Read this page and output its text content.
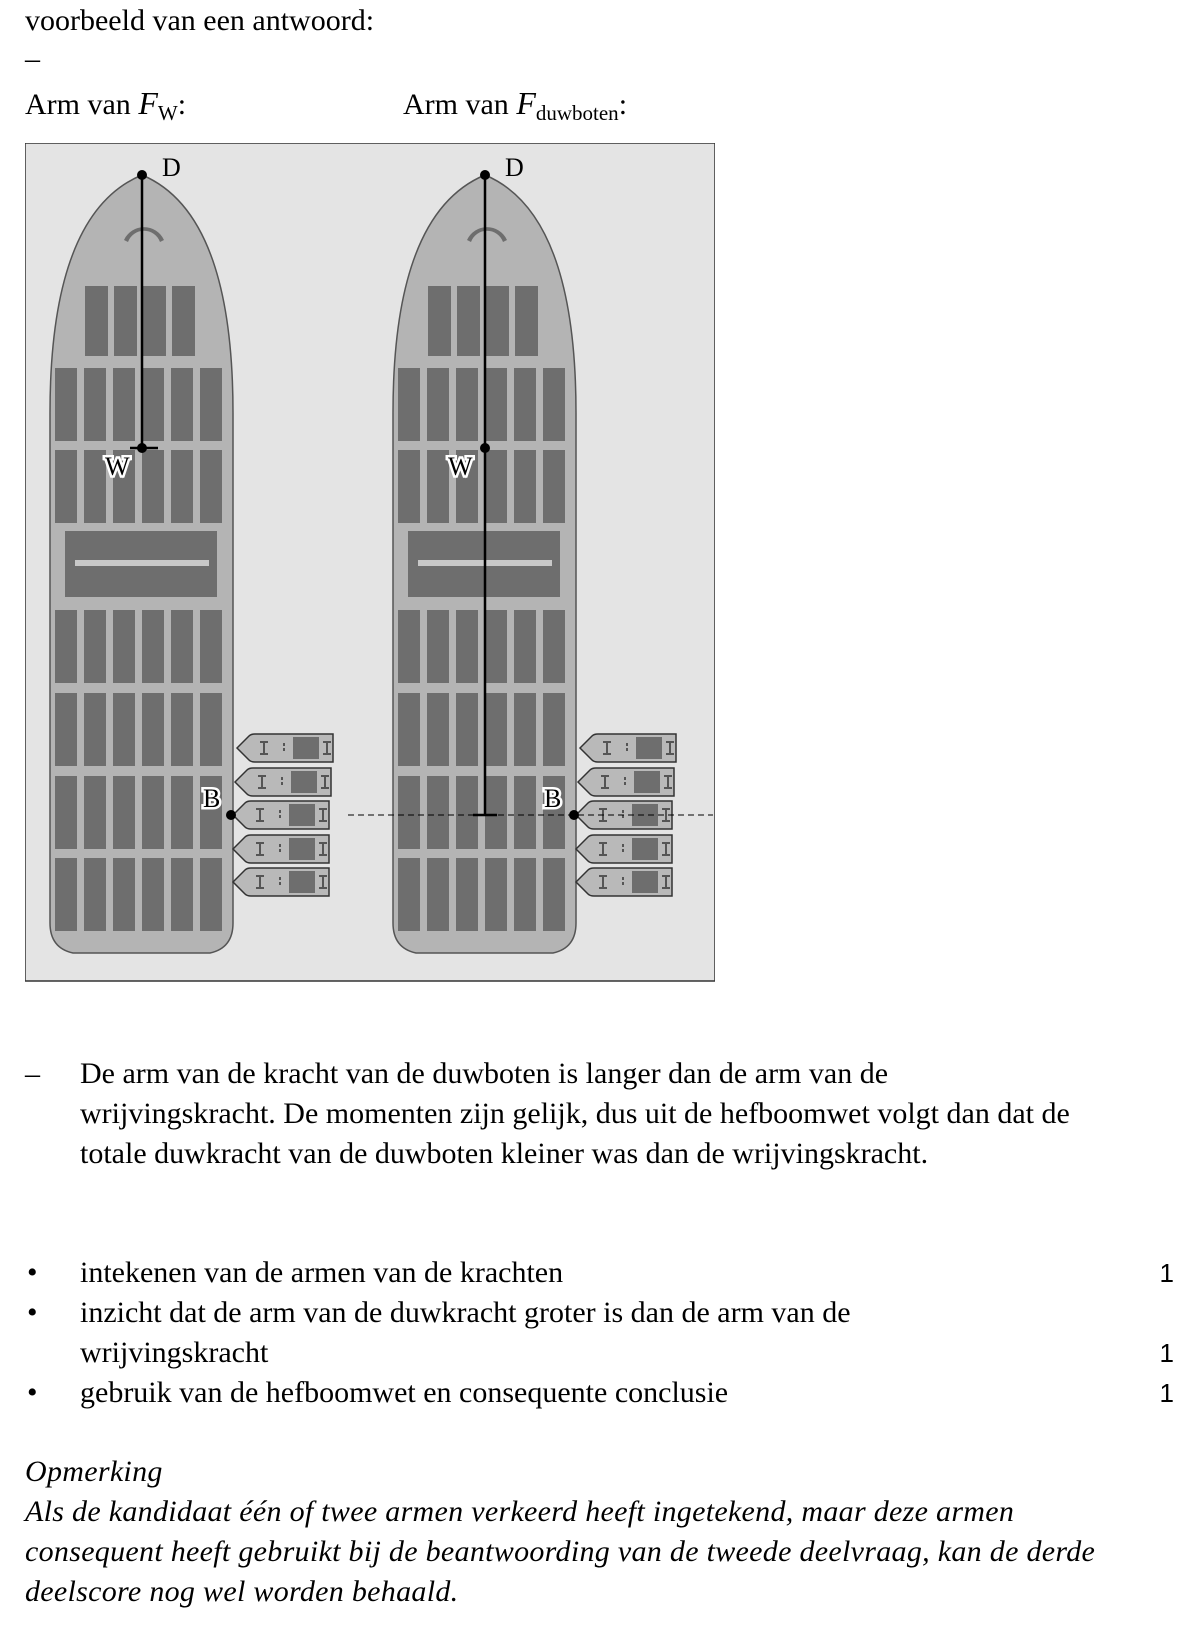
voorbeeld van een antwoord:
–
Arm van $F_W$:	Arm van $F_{duwboten}$:
D
W
B
D
W
B
– De arm van de kracht van de duwboten is langer dan de arm van de wrijvingskracht. De momenten zijn gelijk, dus uit de hefboomwet volgt dan dat de totale duwkracht van de duwboten kleiner was dan de wrijvingskracht.
• intekenen van de armen van de krachten	1
• inzicht dat de arm van de duwkracht groter is dan de arm van de wrijvingskracht	1
• gebruik van de hefboomwet en consequente conclusie	1
Opmerking
Als de kandidaat één of twee armen verkeerd heeft ingetekend, maar deze armen consequent heeft gebruikt bij de beantwoording van de tweede deelvraag, kan de derde deelscore nog wel worden behaald.
